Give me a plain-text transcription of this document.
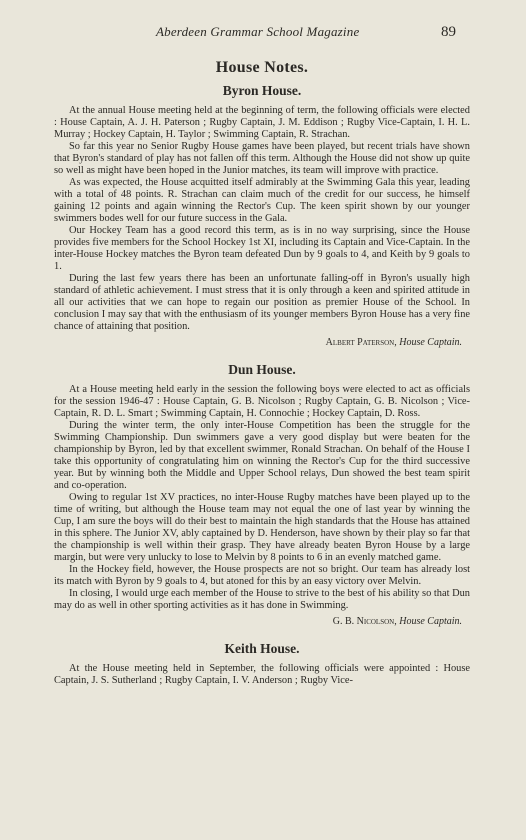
Aberdeen Grammar School Magazine	89
House Notes.
Byron House.

At the annual House meeting held at the beginning of term, the following officials were elected : House Captain, A. J. H. Paterson ; Rugby Captain, J. M. Eddison ; Rugby Vice-Captain, I. H. L. Murray ; Hockey Captain, H. Taylor ; Swimming Captain, R. Strachan.

So far this year no Senior Rugby House games have been played, but recent trials have shown that Byron's standard of play has not fallen off this term. Although the House did not show up quite so well as might have been hoped in the Junior matches, its team will improve with practice.

As was expected, the House acquitted itself admirably at the Swimming Gala this year, leading with a total of 48 points. R. Strachan can claim much of the credit for our success, he himself gaining 12 points and again winning the Rector's Cup. The keen spirit shown by our younger swimmers bodes well for our future success in the Gala.

Our Hockey Team has a good record this term, as is in no way surprising, since the House provides five members for the School Hockey 1st XI, including its Captain and Vice-Captain. In the inter-House Hockey matches the Byron team defeated Dun by 9 goals to 4, and Keith by 9 goals to 1.

During the last few years there has been an unfortunate falling-off in Byron's usually high standard of athletic achievement. I must stress that it is only through a keen and spirited attitude in all our activities that we can hope to regain our position as premier House of the School. In conclusion I may say that with the enthusiasm of its younger members Byron House has a very fine chance of attaining that position.

Albert Paterson, House Captain.
Dun House.

At a House meeting held early in the session the following boys were elected to act as officials for the session 1946-47 : House Captain, G. B. Nicolson ; Rugby Captain, G. B. Nicolson ; Vice-Captain, R. D. L. Smart ; Swimming Captain, H. Connochie ; Hockey Captain, D. Ross.

During the winter term, the only inter-House Competition has been the struggle for the Swimming Championship. Dun swimmers gave a very good display but were beaten for the championship by Byron, led by that excellent swimmer, Ronald Strachan. On behalf of the House I take this opportunity of congratulating him on winning the Rector's Cup for the third successive year. But by winning both the Middle and Upper School relays, Dun showed the best team spirit and co-operation.

Owing to regular 1st XV practices, no inter-House Rugby matches have been played up to the time of writing, but although the House team may not equal the one of last year by winning the Cup, I am sure the boys will do their best to maintain the high standards that the House has attained in this sphere. The Junior XV, ably captained by D. Henderson, have shown by their play so far that the championship is well within their grasp. They have already beaten Byron House by a large margin, but were very unlucky to lose to Melvin by 8 points to 6 in an evenly matched game.

In the Hockey field, however, the House prospects are not so bright. Our team has already lost its match with Byron by 9 goals to 4, but atoned for this by an easy victory over Melvin.

In closing, I would urge each member of the House to strive to the best of his ability so that Dun may do as well in other sporting activities as it has done in Swimming.

G. B. Nicolson, House Captain.
Keith House.

At the House meeting held in September, the following officials were appointed : House Captain, J. S. Sutherland ; Rugby Captain, I. V. Anderson ; Rugby Vice-
